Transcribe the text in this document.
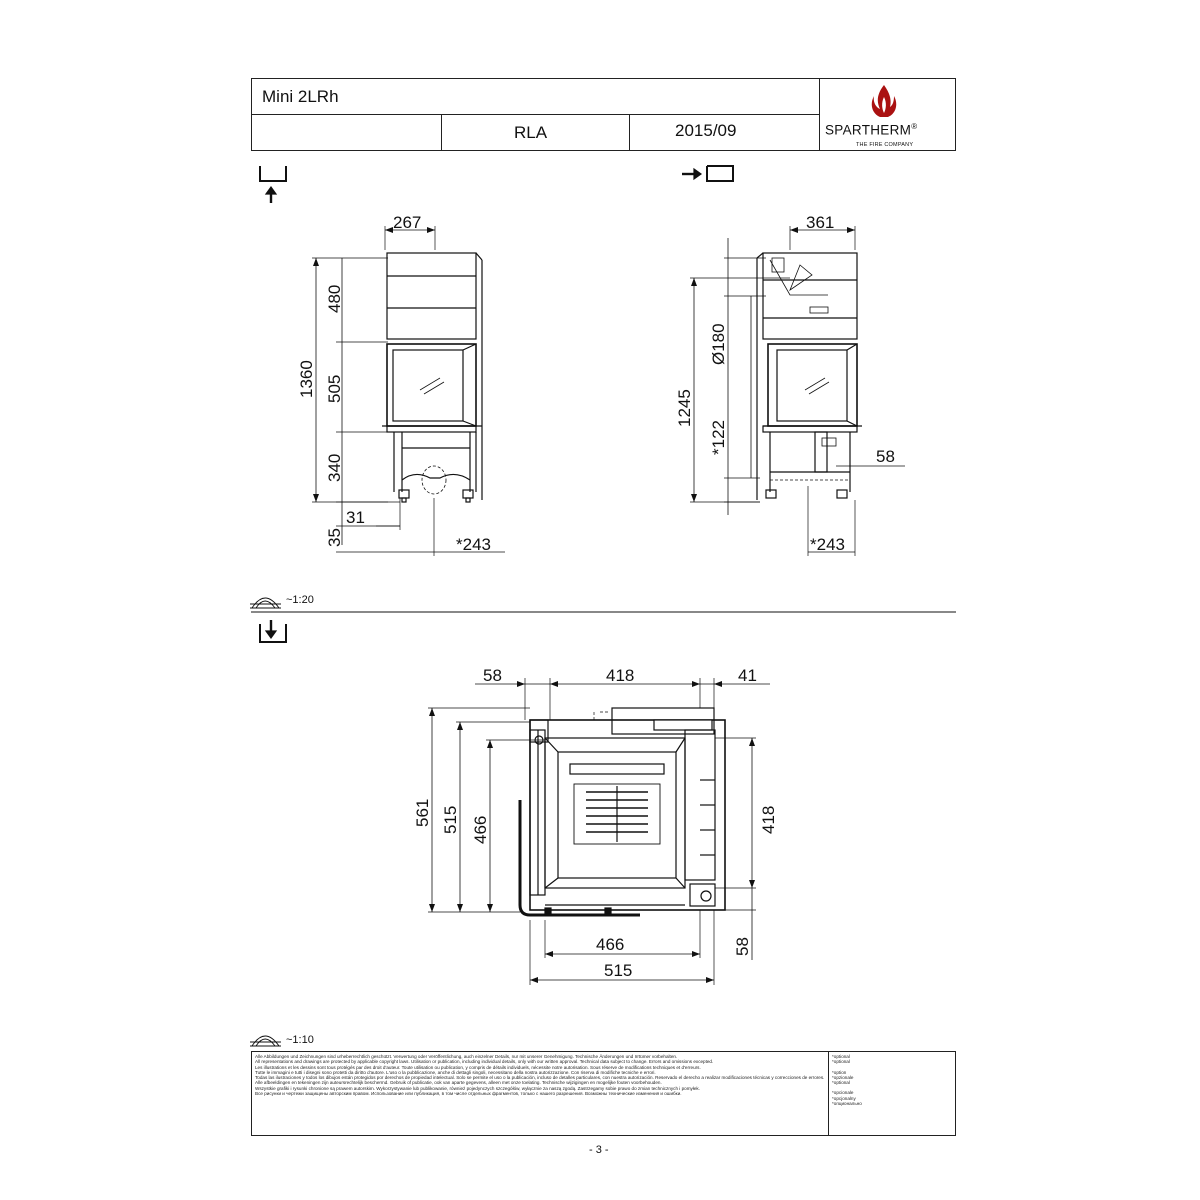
Mini 2LRh
RLA	2015/09	SPARTHERM®
THE FIRE COMPANY
267
1360
480
505
340
35
31
*243
361
1245
Ø180
*122
58
*243
58	418	41
561 515 466	418
466
515
58
~1:20
~1:10
Alle Abbildungen und Zeichnungen sind urheberrechtlich geschützt. Verwertung oder Veröffentlichung, auch einzelner Details, nur mit unserer Genehmigung. Technische Änderungen und Irrtümer vorbehalten.
All representations and drawings are protected by applicable copyright laws. Utilisation or publication, including individual details, only with our written approval. Technical data subject to change. Errors and omissions excepted.
Les illustrations et les dessins sont tous protégés par des droit d'auteur. Toute utilisation ou publication, y compris de détails individuels, nécessite notre autorisation. Sous réserve de modifications techniques et d'erreurs.
Tutte le immagini e tutti i disegni sono protetti da diritto d'autore. L'uso o la pubblicazione, anche di dettagli singoli, necessitano della nostra autorizzazione. Con riserva di modifiche tecniche e errori.
Todas las ilustraciones y todos los dibujos están protegidos por derechos de propiedad intelectual. Solo se permite el uso o la publicación, incluso de detalles particulares, con nuestra autorización. Reservado el derecho a realizar modificaciones técnicas y correcciones de errores.
Alle afbeeldingen en tekeningen zijn auteursrechtelijk beschermd. Gebruik of publicatie, ook van aparte gegevens, alleen met onze toelating. Technische wijzigingen en mogelijke fouten voorbehouden.
Wszystkie grafiki i rysunki chronione są prawem autorskim. Wykorzystywanie lub publikowanie, również pojedynczych szczegółów, wyłącznie za naszą zgodą. Zastrzegamy sobie prawo do zmian technicznych i pomyłek.
Все рисунки и чертежи защищены авторским правом. Использование или публикация, в том числе отдельных фрагментов, только с нашего разрешения. Возможны технические изменения и ошибки.
*optional
*optional
*option
*opzionale
*optional
*opcionale
*opcjonalny
*опционально
- 3 -
